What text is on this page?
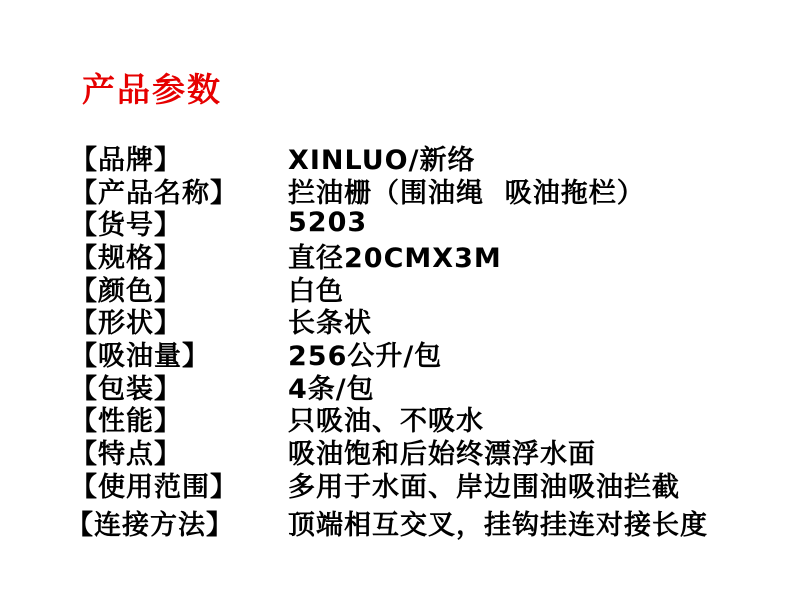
产品参数
【品牌】	XINLUO/新络
【产品名称】	拦油栅（围油绳  吸油拖栏）
【货号】	5203
【规格】	直径20CMX3M
【颜色】	白色
【形状】	长条状
【吸油量】	256公升/包
【包装】	4条/包
【性能】	只吸油、不吸水
【特点】	吸油饱和后始终漂浮水面
【使用范围】	多用于水面、岸边围油吸油拦截
【连接方法】	顶端相互交叉，挂钩挂连对接长度
